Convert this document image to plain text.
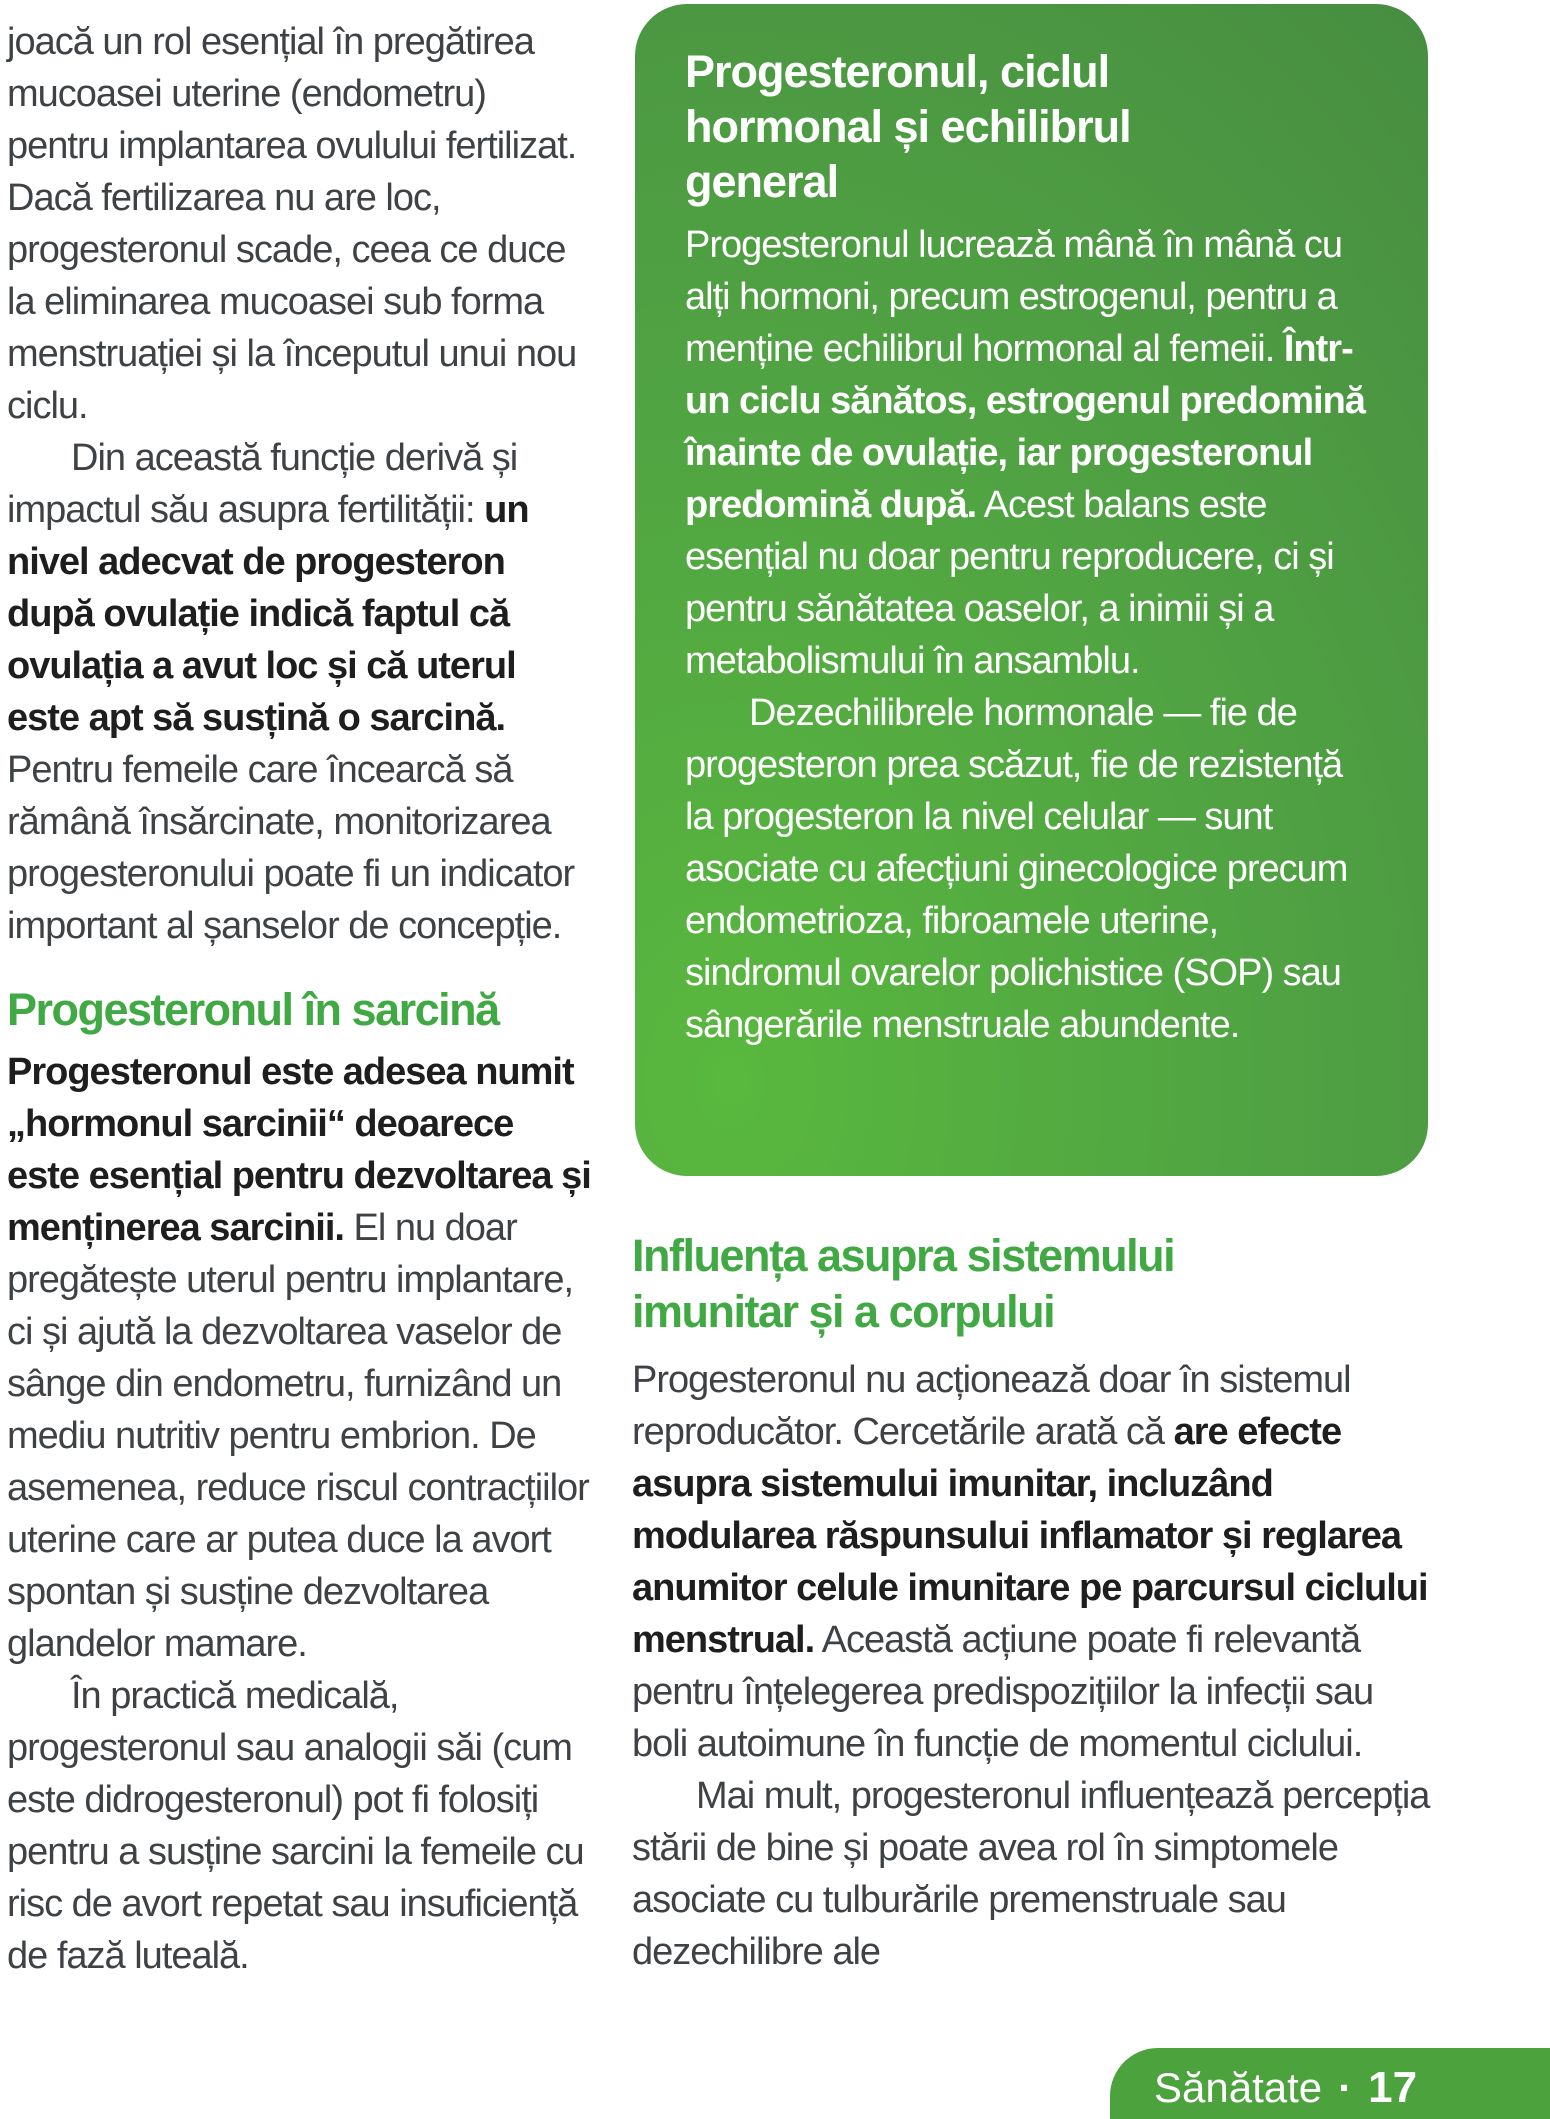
joacă un rol esențial în pregătirea mucoasei uterine (endometru) pentru implantarea ovulului fertilizat. Dacă fertilizarea nu are loc, progesteronul scade, ceea ce duce la eliminarea mucoasei sub forma menstruației și la începutul unui nou ciclu.

Din această funcție derivă și impactul său asupra fertilității: un nivel adecvat de progesteron după ovulație indică faptul că ovulația a avut loc și că uterul este apt să susțină o sarcină. Pentru femeile care încearcă să rămână însărcinate, monitorizarea progesteronului poate fi un indicator important al șanselor de concepție.

Progesteronul în sarcină

Progesteronul este adesea numit „hormonul sarcinii“ deoarece este esențial pentru dezvoltarea și menținerea sarcinii. El nu doar pregătește uterul pentru implantare, ci și ajută la dezvoltarea vaselor de sânge din endometru, furnizând un mediu nutritiv pentru embrion. De asemenea, reduce riscul contracțiilor uterine care ar putea duce la avort spontan și susține dezvoltarea glandelor mamare.

În practică medicală, progesteronul sau analogii săi (cum este didrogesteronul) pot fi folosiți pentru a susține sarcini la femeile cu risc de avort repetat sau insuficiență de fază luteală.

Progesteronul, ciclul hormonal și echilibrul general

Progesteronul lucrează mână în mână cu alți hormoni, precum estrogenul, pentru a menține echilibrul hormonal al femeii. Într-un ciclu sănătos, estrogenul predomină înainte de ovulație, iar progesteronul predomină după. Acest balans este esențial nu doar pentru reproducere, ci și pentru sănătatea oaselor, a inimii și a metabolismului în ansamblu.

Dezechilibrele hormonale — fie de progesteron prea scăzut, fie de rezistență la progesteron la nivel celular — sunt asociate cu afecțiuni ginecologice precum endometrioza, fibroamele uterine, sindromul ovarelor polichistice (SOP) sau sângerările menstruale abundente.

Influența asupra sistemului imunitar și a corpului

Progesteronul nu acționează doar în sistemul reproducător. Cercetările arată că are efecte asupra sistemului imunitar, incluzând modularea răspunsului inflamator și reglarea anumitor celule imunitare pe parcursul ciclului menstrual. Această acțiune poate fi relevantă pentru înțelegerea predispozițiilor la infecții sau boli autoimune în funcție de momentul ciclului.

Mai mult, progesteronul influențează percepția stării de bine și poate avea rol în simptomele asociate cu tulburările premenstruale sau dezechilibre ale

Sănătate · 17
